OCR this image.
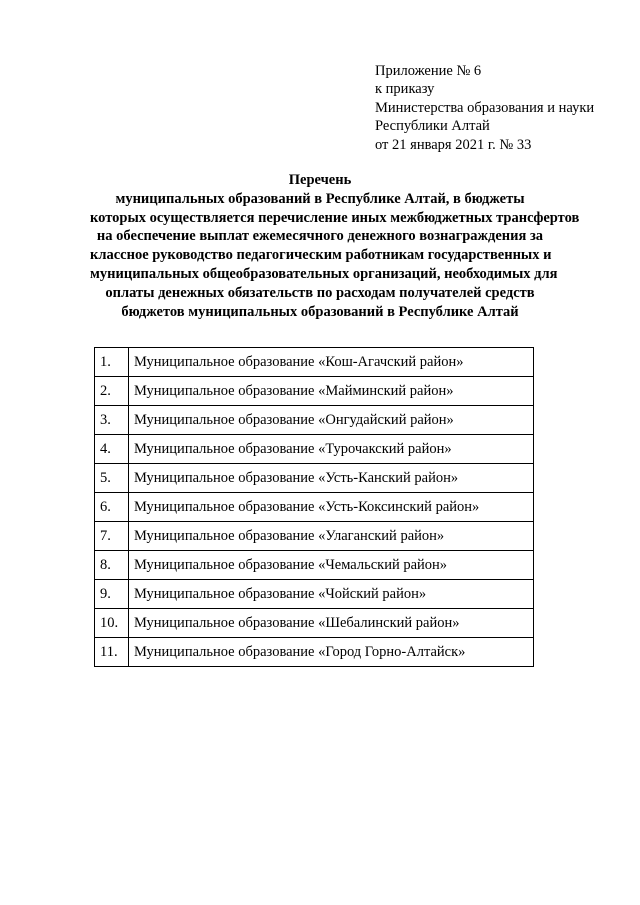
Приложение № 6
к приказу
Министерства образования и науки
Республики Алтай
от 21 января 2021 г. № 33
Перечень
муниципальных образований в Республике Алтай, в бюджеты
которых осуществляется перечисление иных межбюджетных трансфертов
на обеспечение выплат ежемесячного денежного вознаграждения за
классное руководство педагогическим работникам государственных и
муниципальных общеобразовательных организаций, необходимых для
оплаты денежных обязательств по расходам получателей средств
бюджетов муниципальных образований в Республике Алтай
1.	Муниципальное образование «Кош-Агачский район»
2.	Муниципальное образование «Майминский район»
3.	Муниципальное образование «Онгудайский район»
4.	Муниципальное образование «Турочакский район»
5.	Муниципальное образование «Усть-Канский район»
6.	Муниципальное образование «Усть-Коксинский район»
7.	Муниципальное образование «Улаганский район»
8.	Муниципальное образование «Чемальский район»
9.	Муниципальное образование «Чойский район»
10.	Муниципальное образование «Шебалинский район»
11.	Муниципальное образование «Город Горно-Алтайск»
